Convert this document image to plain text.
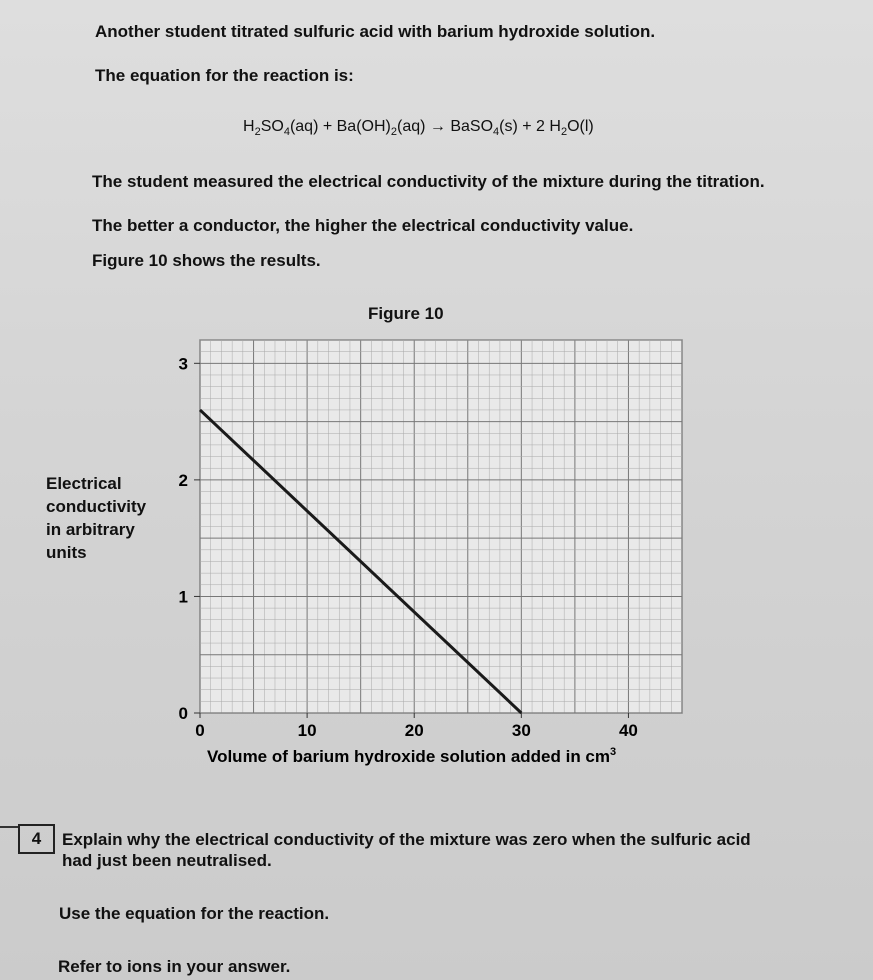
Another student titrated sulfuric acid with barium hydroxide solution.
The equation for the reaction is:
$H_2SO_4(aq) + Ba(OH)_2(aq)$ → BaSO$_4$(s) + 2 $H_2O(l)$
The student measured the electrical conductivity of the mixture during the titration.
The better a conductor, the higher the electrical conductivity value.
Figure 10 shows the results.
Figure 10
Electrical
conductivity
in arbitrary
units
0	10	20	30	40
0
1
2
3
Volume of barium hydroxide solution added in $cm^3$
4	Explain why the electrical conductivity of the mixture was zero when the sulfuric acid
had just been neutralised.
Use the equation for the reaction.
Refer to ions in your answer.
